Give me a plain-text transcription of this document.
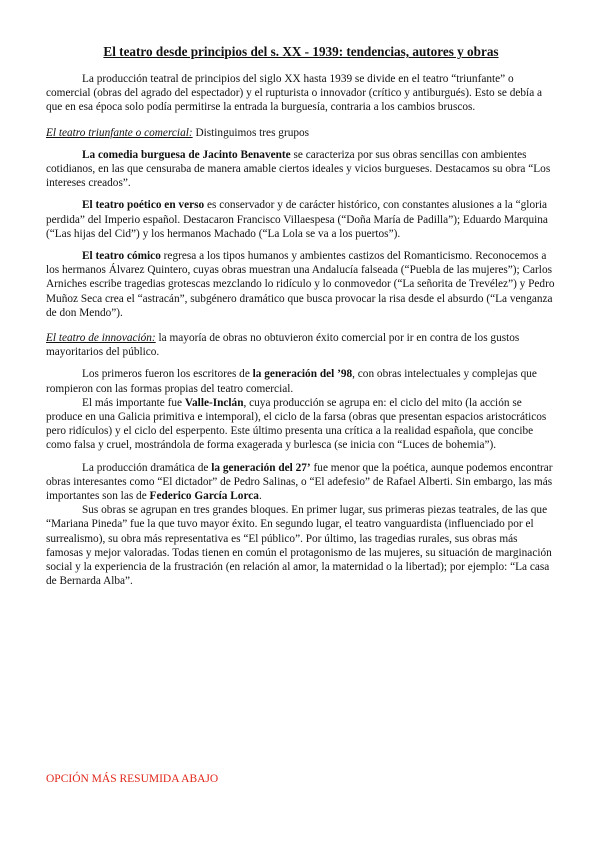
El teatro desde principios del s. XX - 1939: tendencias, autores y obras

La producción teatral de principios del siglo XX hasta 1939 se divide en el teatro “triunfante” o comercial (obras del agrado del espectador) y el rupturista o innovador (crítico y antiburgués). Esto se debía a que en esa época solo podía permitirse la entrada la burguesía, contraria a los cambios bruscos.

El teatro triunfante o comercial: Distinguimos tres grupos

La comedia burguesa de Jacinto Benavente se caracteriza por sus obras sencillas con ambientes cotidianos, en las que censuraba de manera amable ciertos ideales y vicios burgueses. Destacamos su obra “Los intereses creados”.

El teatro poético en verso es conservador y de carácter histórico, con constantes alusiones a la “gloria perdida” del Imperio español. Destacaron Francisco Villaespesa (“Doña María de Padilla”); Eduardo Marquina (“Las hijas del Cid”) y los hermanos Machado (“La Lola se va a los puertos”).

El teatro cómico regresa a los tipos humanos y ambientes castizos del Romanticismo. Reconocemos a los hermanos Álvarez Quintero, cuyas obras muestran una Andalucía falseada (“Puebla de las mujeres”); Carlos Arniches escribe tragedias grotescas mezclando lo ridículo y lo conmovedor (“La señorita de Trevélez”) y Pedro Muñoz Seca crea el “astracán”, subgénero dramático que busca provocar la risa desde el absurdo (“La venganza de don Mendo”).

El teatro de innovación: la mayoría de obras no obtuvieron éxito comercial por ir en contra de los gustos mayoritarios del público.

Los primeros fueron los escritores de la generación del ’98, con obras intelectuales y complejas que rompieron con las formas propias del teatro comercial.

El más importante fue Valle-Inclán, cuya producción se agrupa en: el ciclo del mito (la acción se produce en una Galicia primitiva e intemporal), el ciclo de la farsa (obras que presentan espacios aristocráticos pero ridículos) y el ciclo del esperpento. Este último presenta una crítica a la realidad española, que concibe como falsa y cruel, mostrándola de forma exagerada y burlesca (se inicia con “Luces de bohemia”).

La producción dramática de la generación del 27’ fue menor que la poética, aunque podemos encontrar obras interesantes como “El dictador” de Pedro Salinas, o “El adefesio” de Rafael Alberti. Sin embargo, las más importantes son las de Federico García Lorca.

Sus obras se agrupan en tres grandes bloques. En primer lugar, sus primeras piezas teatrales, de las que “Mariana Pineda” fue la que tuvo mayor éxito. En segundo lugar, el teatro vanguardista (influenciado por el surrealismo), su obra más representativa es “El público”. Por último, las tragedias rurales, sus obras más famosas y mejor valoradas. Todas tienen en común el protagonismo de las mujeres, su situación de marginación social y la experiencia de la frustración (en relación al amor, la maternidad o la libertad); por ejemplo: “La casa de Bernarda Alba”.

OPCIÓN MÁS RESUMIDA ABAJO
